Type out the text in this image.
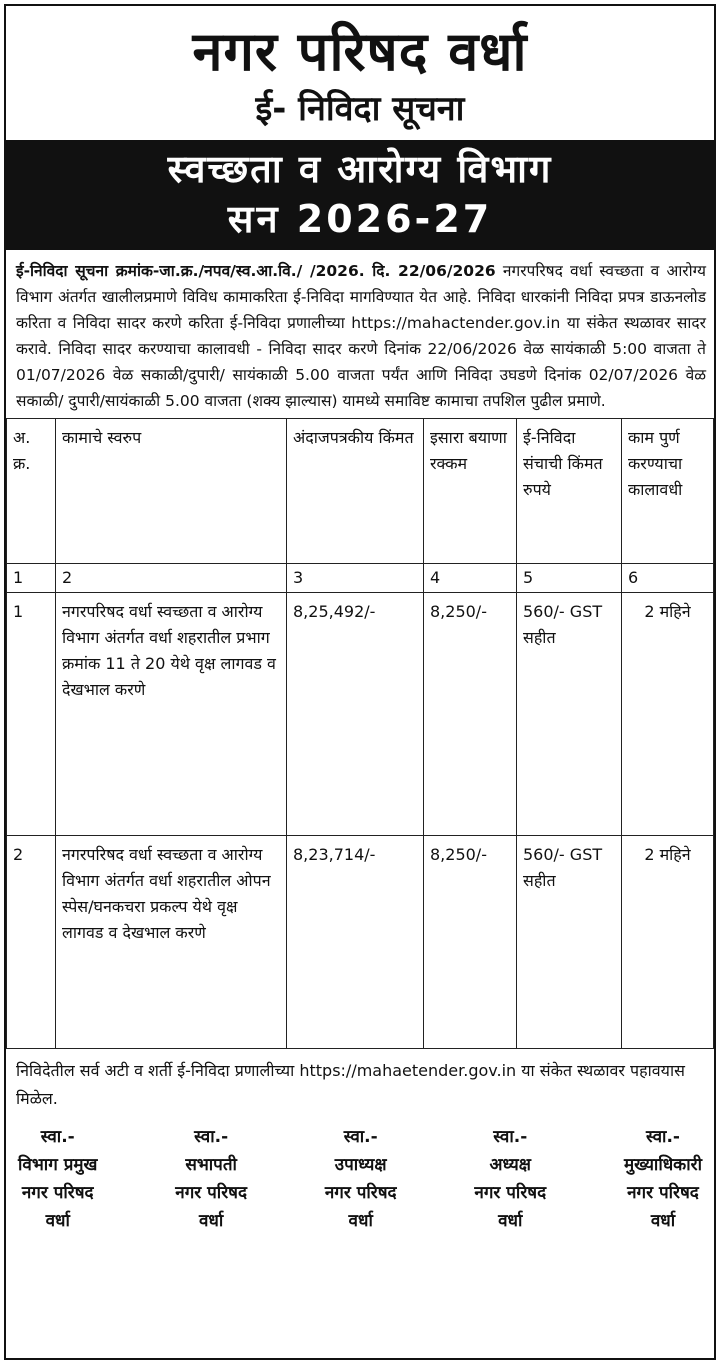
नगर परिषद वर्धा
ई- निविदा सूचना
स्वच्छता व आरोग्य विभाग
सन 2026-27
ई-निविदा सूचना क्रमांक-जा.क्र./नपव/स्व.आ.वि./ /2026. दि. 22/06/2026 नगरपरिषद वर्धा स्वच्छता व आरोग्य विभाग अंतर्गत खालीलप्रमाणे विविध कामाकरिता ई-निविदा मागविण्यात येत आहे. निविदा धारकांनी निविदा प्रपत्र डाऊनलोड करिता व निविदा सादर करणे करिता ई-निविदा प्रणालीच्या https://mahactender.gov.in या संकेत स्थळावर सादर करावे. निविदा सादर करण्याचा कालावधी - निविदा सादर करणे दिनांक 22/06/2026 वेळ सायंकाळी 5:00 वाजता ते 01/07/2026 वेळ सकाळी/दुपारी/ सायंकाळी 5.00 वाजता पर्यंत आणि निविदा उघडणे दिनांक 02/07/2026 वेळ सकाळी/ दुपारी/सायंकाळी 5.00 वाजता (शक्य झाल्यास) यामध्ये समाविष्ट कामाचा तपशिल पुढील प्रमाणे.
अ. क्र.	कामाचे स्वरुप	अंदाजपत्रकीय किंमत	इसारा बयाणा रक्कम	ई-निविदा संचाची किंमत रुपये	काम पुर्ण करण्याचा कालावधी
1	2	3	4	5	6
1	नगरपरिषद वर्धा स्वच्छता व आरोग्य विभाग अंतर्गत वर्धा शहरातील प्रभाग क्रमांक 11 ते 20 येथे वृक्ष लागवड व देखभाल करणे	8,25,492/-	8,250/-	560/- GST सहीत	2 महिने
2	नगरपरिषद वर्धा स्वच्छता व आरोग्य विभाग अंतर्गत वर्धा शहरातील ओपन स्पेस/घनकचरा प्रकल्प येथे वृक्ष लागवड व देखभाल करणे	8,23,714/-	8,250/-	560/- GST सहीत	2 महिने
निविदेतील सर्व अटी व शर्ती ई-निविदा प्रणालीच्या https://mahaetender.gov.in या संकेत स्थळावर पहावयास मिळेल.
स्वा.-
विभाग प्रमुख
नगर परिषद
वर्धा
स्वा.-
सभापती
नगर परिषद
वर्धा
स्वा.-
उपाध्यक्ष
नगर परिषद
वर्धा
स्वा.-
अध्यक्ष
नगर परिषद
वर्धा
स्वा.-
मुख्याधिकारी
नगर परिषद
वर्धा
